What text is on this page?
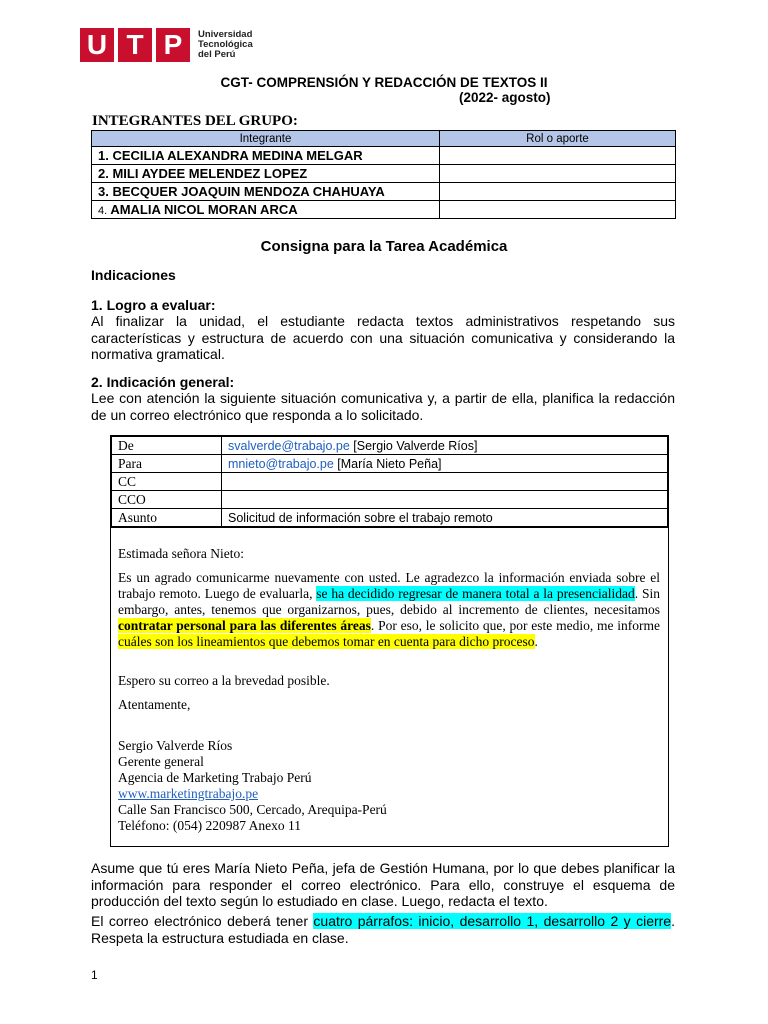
U T P	Universidad
Tecnológica
del Perú
CGT- COMPRENSIÓN Y REDACCIÓN DE TEXTOS II
(2022- agosto)
INTEGRANTES DEL GRUPO:
Integrante	Rol o aporte
1. CECILIA ALEXANDRA MEDINA MELGAR	
2. MILI AYDEE MELENDEZ LOPEZ	
3. BECQUER JOAQUIN MENDOZA CHAHUAYA	
4. AMALIA NICOL MORAN ARCA	
Consigna para la Tarea Académica
Indicaciones
1. Logro a evaluar:
Al finalizar la unidad, el estudiante redacta textos administrativos respetando sus características y estructura de acuerdo con una situación comunicativa y considerando la normativa gramatical.
2. Indicación general:
Lee con atención la siguiente situación comunicativa y, a partir de ella, planifica la redacción de un correo electrónico que responda a lo solicitado.
De	svalverde@trabajo.pe [Sergio Valverde Ríos]
Para	mnieto@trabajo.pe [María Nieto Peña]
CC	
CCO	
Asunto	Solicitud de información sobre el trabajo remoto
Estimada señora Nieto:
Es un agrado comunicarme nuevamente con usted. Le agradezco la información enviada sobre el trabajo remoto. Luego de evaluarla, se ha decidido regresar de manera total a la presencialidad. Sin embargo, antes, tenemos que organizarnos, pues, debido al incremento de clientes, necesitamos contratar personal para las diferentes áreas. Por eso, le solicito que, por este medio, me informe cuáles son los lineamientos que debemos tomar en cuenta para dicho proceso.
Espero su correo a la brevedad posible.
Atentamente,
Sergio Valverde Ríos
Gerente general
Agencia de Marketing Trabajo Perú
www.marketingtrabajo.pe
Calle San Francisco 500, Cercado, Arequipa-Perú
Teléfono: (054) 220987 Anexo 11
Asume que tú eres María Nieto Peña, jefa de Gestión Humana, por lo que debes planificar la información para responder el correo electrónico. Para ello, construye el esquema de producción del texto según lo estudiado en clase. Luego, redacta el texto.
El correo electrónico deberá tener cuatro párrafos: inicio, desarrollo 1, desarrollo 2 y cierre. Respeta la estructura estudiada en clase.
1
